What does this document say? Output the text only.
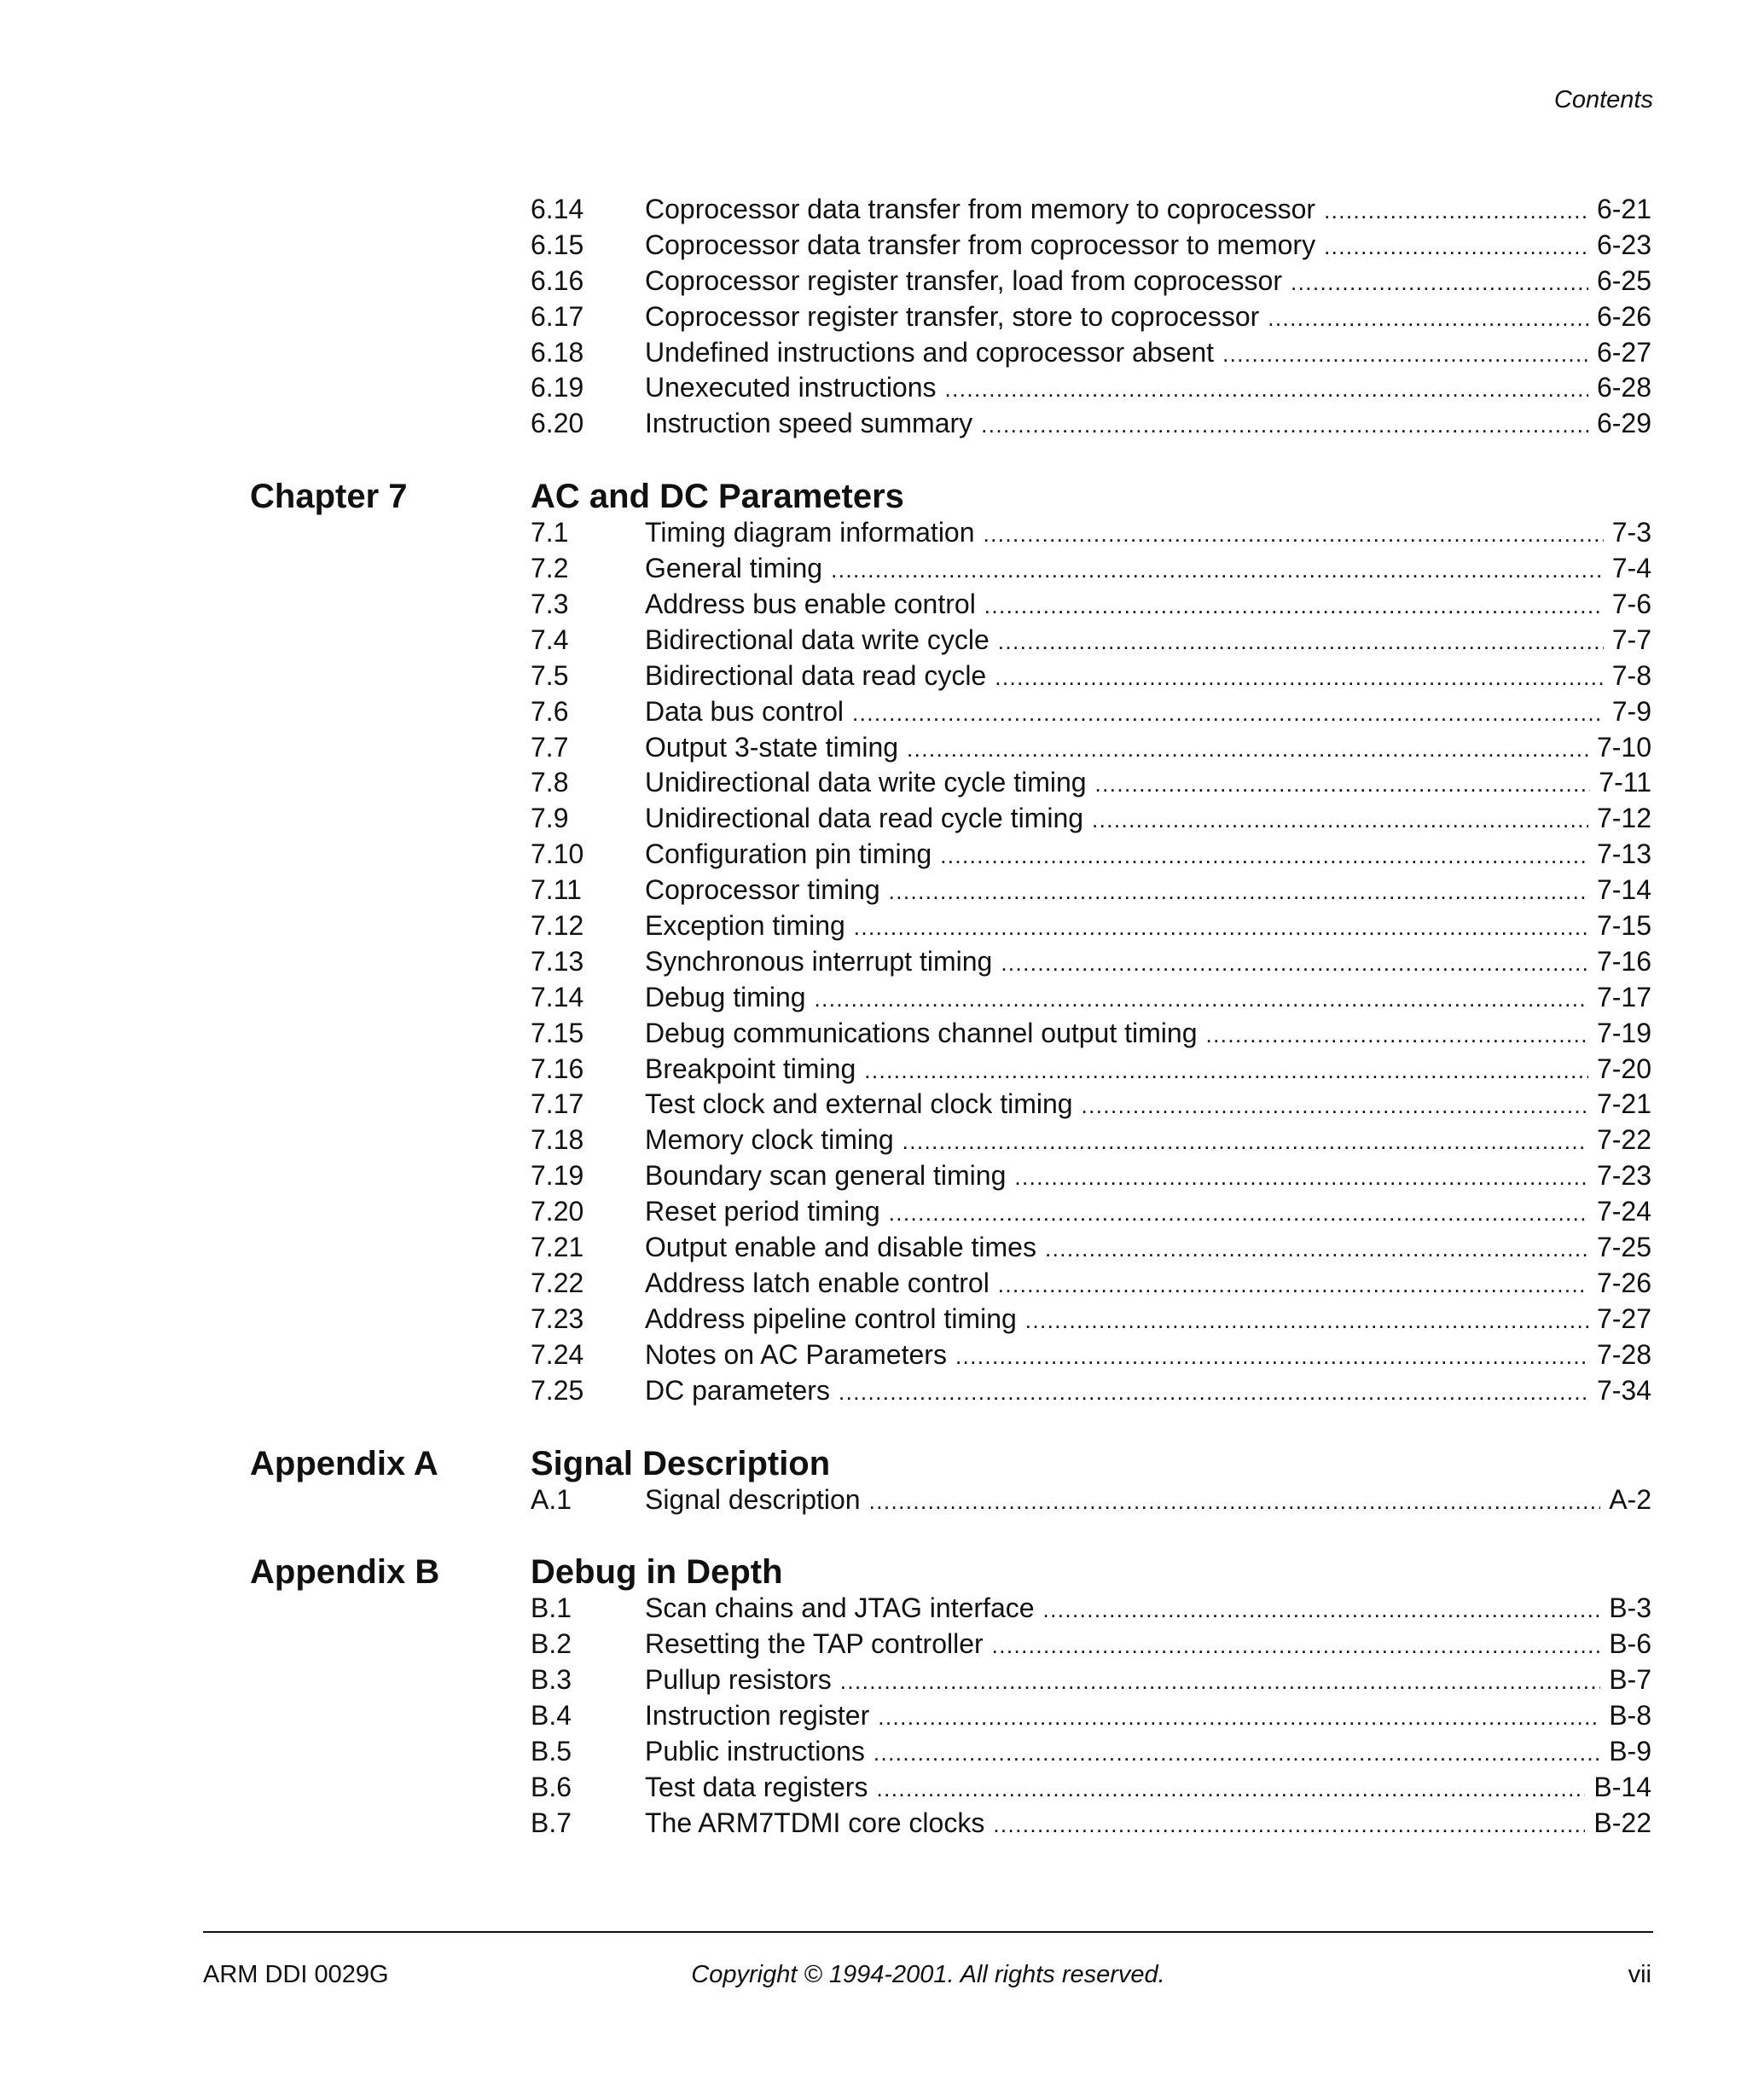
Contents
6.14 Coprocessor data transfer from memory to coprocessor .....	6-21
6.15 Coprocessor data transfer from coprocessor to memory .....	6-23
6.16 Coprocessor register transfer, load from coprocessor .....	6-25
6.17 Coprocessor register transfer, store to coprocessor .....	6-26
6.18 Undefined instructions and coprocessor absent .....	6-27
6.19 Unexecuted instructions .....	6-28
6.20 Instruction speed summary .....	6-29
Chapter 7	AC and DC Parameters
7.1	Timing diagram information .....	7-3
7.2	General timing .....	7-4
7.3	Address bus enable control .....	7-6
7.4	Bidirectional data write cycle .....	7-7
7.5	Bidirectional data read cycle .....	7-8
7.6	Data bus control .....	7-9
7.7	Output 3-state timing .....	7-10
7.8	Unidirectional data write cycle timing .....	7-11
7.9	Unidirectional data read cycle timing .....	7-12
7.10 Configuration pin timing .....	7-13
7.11 Coprocessor timing .....	7-14
7.12 Exception timing .....	7-15
7.13 Synchronous interrupt timing .....	7-16
7.14 Debug timing .....	7-17
7.15 Debug communications channel output timing .....	7-19
7.16 Breakpoint timing .....	7-20
7.17 Test clock and external clock timing .....	7-21
7.18 Memory clock timing .....	7-22
7.19 Boundary scan general timing .....	7-23
7.20 Reset period timing .....	7-24
7.21 Output enable and disable times .....	7-25
7.22 Address latch enable control .....	7-26
7.23 Address pipeline control timing .....	7-27
7.24 Notes on AC Parameters .....	7-28
7.25 DC parameters .....	7-34
Appendix A	Signal Description
A.1	Signal description .....	A-2
Appendix B	Debug in Depth
B.1	Scan chains and JTAG interface .....	B-3
B.2	Resetting the TAP controller .....	B-6
B.3	Pullup resistors .....	B-7
B.4	Instruction register .....	B-8
B.5	Public instructions .....	B-9
B.6	Test data registers .....	B-14
B.7	The ARM7TDMI core clocks .....	B-22
ARM DDI 0029G	Copyright © 1994-2001. All rights reserved.	vii
